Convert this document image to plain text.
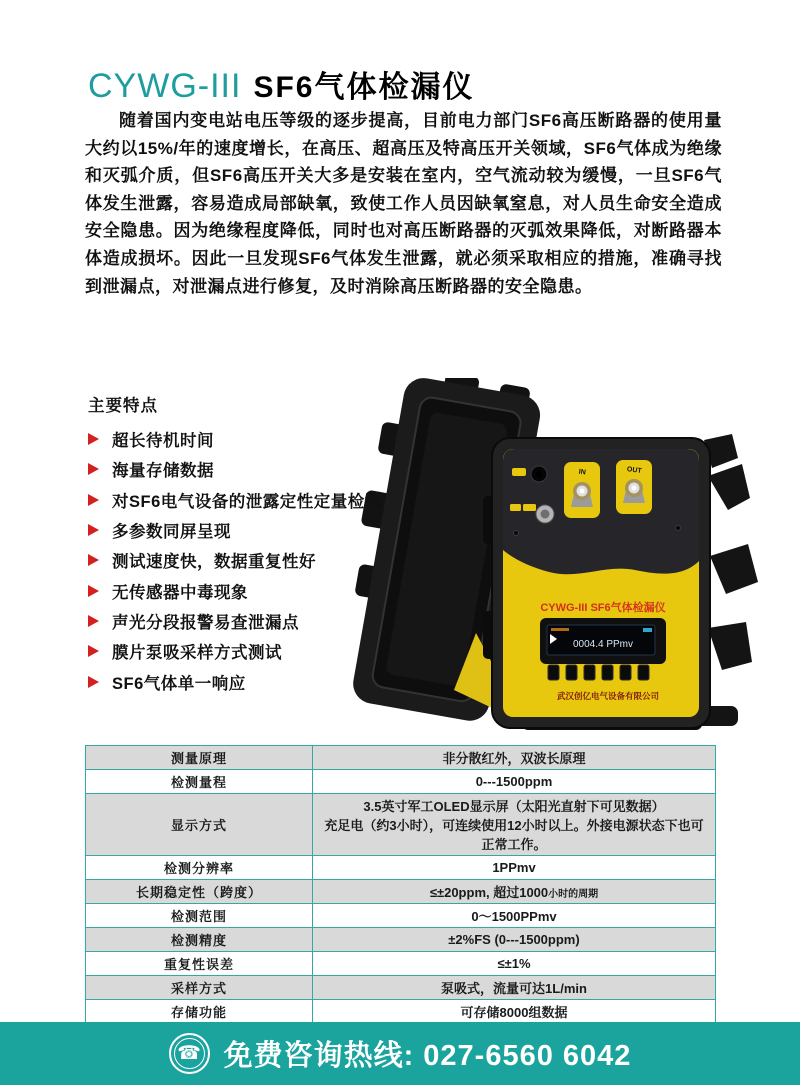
CYWG-III SF6气体检漏仪

随着国内变电站电压等级的逐步提高，目前电力部门SF6高压断路器的使用量大约以15%/年的速度增长，在高压、超高压及特高压开关领域，SF6气体成为绝缘和灭弧介质，但SF6高压开关大多是安装在室内，空气流动较为缓慢，一旦SF6气体发生泄露，容易造成局部缺氧，致使工作人员因缺氧窒息，对人员生命安全造成安全隐患。因为绝缘程度降低，同时也对高压断路器的灭弧效果降低，对断路器本体造成损坏。因此一旦发现SF6气体发生泄露，就必须采取相应的措施，准确寻找到泄漏点，对泄漏点进行修复，及时消除高压断路器的安全隐患。

主要特点
超长待机时间
海量存储数据
对SF6电气设备的泄露定性定量检测
多参数同屏呈现
测试速度快，数据重复性好
无传感器中毒现象
声光分段报警易查泄漏点
膜片泵吸采样方式测试
SF6气体单一响应
IN	OUT
CYWG-III SF6气体检漏仪
0004.4 PPmv
武汉创亿电气设备有限公司
测量原理	非分散红外，双波长原理
检测量程	0---1500ppm
显示方式	3.5英寸军工OLED显示屏（太阳光直射下可见数据）
充足电（约3小时），可连续使用12小时以上。外接电源状态下也可正常工作。

检测分辨率	1PPmv
长期稳定性（跨度）	≤±20ppm, 超过1000小时的周期
检测范围	0～1500PPmv
检测精度	±2%FS (0---1500ppm)
重复性误差	≤±1%
采样方式	泵吸式，流量可达1L/min
存储功能	可存储8000组数据
☎ 免费咨询热线: 027-6560 6042
